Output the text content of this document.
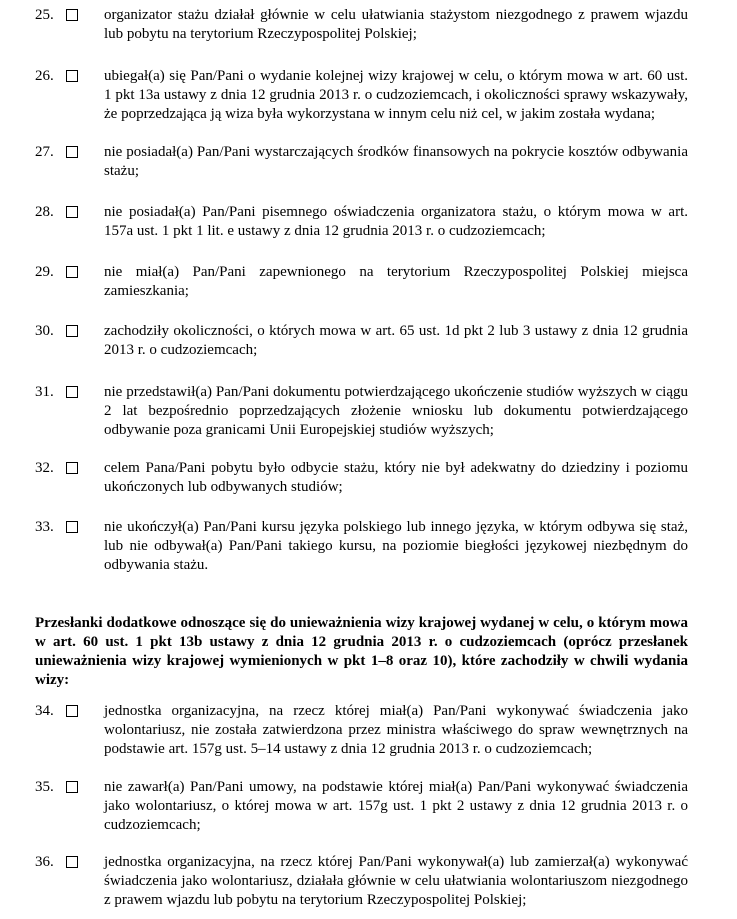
25.	organizator stażu działał głównie w celu ułatwiania stażystom niezgodnego z prawem wjazdu lub pobytu na terytorium Rzeczypospolitej Polskiej;
26.	ubiegał(a) się Pan/Pani o wydanie kolejnej wizy krajowej w celu, o którym mowa w art. 60 ust. 1 pkt 13a ustawy z dnia 12 grudnia 2013 r. o cudzoziemcach, i okoliczności sprawy wskazywały, że poprzedzająca ją wiza była wykorzystana w innym celu niż cel, w jakim została wydana;
27.	nie posiadał(a) Pan/Pani wystarczających środków finansowych na pokrycie kosztów odbywania stażu;
28.	nie posiadał(a) Pan/Pani pisemnego oświadczenia organizatora stażu, o którym mowa w art. 157a ust. 1 pkt 1 lit. e ustawy z dnia 12 grudnia 2013 r. o cudzoziemcach;
29.	nie miał(a) Pan/Pani zapewnionego na terytorium Rzeczypospolitej Polskiej miejsca zamieszkania;
30.	zachodziły okoliczności, o których mowa w art. 65 ust. 1d pkt 2 lub 3 ustawy z dnia 12 grudnia 2013 r. o cudzoziemcach;
31.	nie przedstawił(a) Pan/Pani dokumentu potwierdzającego ukończenie studiów wyższych w ciągu 2 lat bezpośrednio poprzedzających złożenie wniosku lub dokumentu potwierdzającego odbywanie poza granicami Unii Europejskiej studiów wyższych;
32.	celem Pana/Pani pobytu było odbycie stażu, który nie był adekwatny do dziedziny i poziomu ukończonych lub odbywanych studiów;
33.	nie ukończył(a) Pan/Pani kursu języka polskiego lub innego języka, w którym odbywa się staż, lub nie odbywał(a) Pan/Pani takiego kursu, na poziomie biegłości językowej niezbędnym do odbywania stażu.
Przesłanki dodatkowe odnoszące się do unieważnienia wizy krajowej wydanej w celu, o którym mowa w art. 60 ust. 1 pkt 13b ustawy z dnia 12 grudnia 2013 r. o cudzoziemcach (oprócz przesłanek unieważnienia wizy krajowej wymienionych w pkt 1–8 oraz 10), które zachodziły w chwili wydania wizy:
34.	jednostka organizacyjna, na rzecz której miał(a) Pan/Pani wykonywać świadczenia jako wolontariusz, nie została zatwierdzona przez ministra właściwego do spraw wewnętrznych na podstawie art. 157g ust. 5–14 ustawy z dnia 12 grudnia 2013 r. o cudzoziemcach;
35.	nie zawarł(a) Pan/Pani umowy, na podstawie której miał(a) Pan/Pani wykonywać świadczenia jako wolontariusz, o której mowa w art. 157g ust. 1 pkt 2 ustawy z dnia 12 grudnia 2013 r. o cudzoziemcach;
36.	jednostka organizacyjna, na rzecz której Pan/Pani wykonywał(a) lub zamierzał(a) wykonywać świadczenia jako wolontariusz, działała głównie w celu ułatwiania wolontariuszom niezgodnego z prawem wjazdu lub pobytu na terytorium Rzeczypospolitej Polskiej;
